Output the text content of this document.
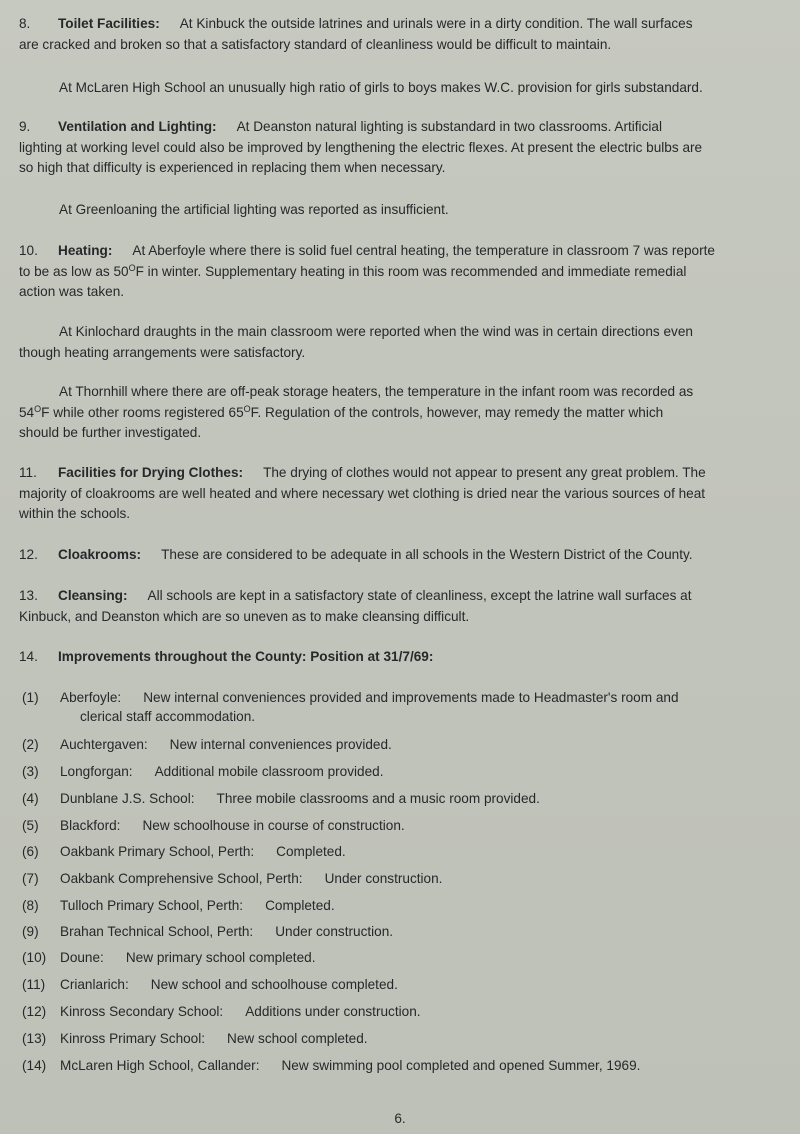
8. Toilet Facilities: At Kinbuck the outside latrines and urinals were in a dirty condition. The wall surfaces
are cracked and broken so that a satisfactory standard of cleanliness would be difficult to maintain.
At McLaren High School an unusually high ratio of girls to boys makes W.C. provision for girls substandard.
9. Ventilation and Lighting: At Deanston natural lighting is substandard in two classrooms. Artificial
lighting at working level could also be improved by lengthening the electric flexes. At present the electric bulbs are
so high that difficulty is experienced in replacing them when necessary.
At Greenloaning the artificial lighting was reported as insufficient.
10. Heating: At Aberfoyle where there is solid fuel central heating, the temperature in classroom 7 was reporte
to be as low as $50^OF$ in winter. Supplementary heating in this room was recommended and immediate remedial
action was taken.
At Kinlochard draughts in the main classroom were reported when the wind was in certain directions even
though heating arrangements were satisfactory.
At Thornhill where there are off-peak storage heaters, the temperature in the infant room was recorded as
$54^OF$ while other rooms registered $65^OF$. Regulation of the controls, however, may remedy the matter which
should be further investigated.
11. Facilities for Drying Clothes: The drying of clothes would not appear to present any great problem. The
majority of cloakrooms are well heated and where necessary wet clothing is dried near the various sources of heat
within the schools.
12. Cloakrooms: These are considered to be adequate in all schools in the Western District of the County.
13. Cleansing: All schools are kept in a satisfactory state of cleanliness, except the latrine wall surfaces at
Kinbuck, and Deanston which are so uneven as to make cleansing difficult.
14. Improvements throughout the County: Position at 31/7/69:
(1) Aberfoyle: New internal conveniences provided and improvements made to Headmaster's room and
clerical staff accommodation.
(2) Auchtergaven: New internal conveniences provided.
(3) Longforgan: Additional mobile classroom provided.
(4) Dunblane J.S. School: Three mobile classrooms and a music room provided.
(5) Blackford: New schoolhouse in course of construction.
(6) Oakbank Primary School, Perth: Completed.
(7) Oakbank Comprehensive School, Perth: Under construction.
(8) Tulloch Primary School, Perth: Completed.
(9) Brahan Technical School, Perth: Under construction.
(10) Doune: New primary school completed.
(11) Crianlarich: New school and schoolhouse completed.
(12) Kinross Secondary School: Additions under construction.
(13) Kinross Primary School: New school completed.
(14) McLaren High School, Callander: New swimming pool completed and opened Summer, 1969.
6.
